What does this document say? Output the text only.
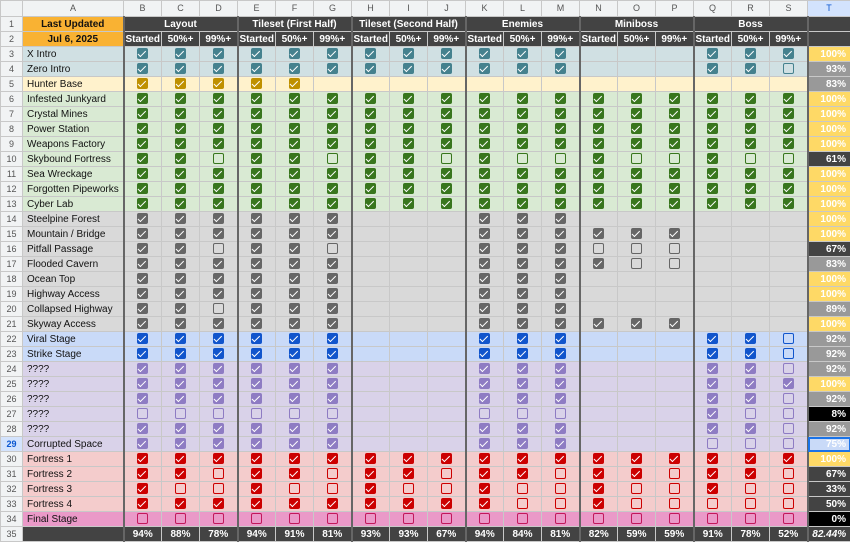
	A	B	C	D	E	F	G	H	I	J	K	L	M	N	O	P	Q	R	S	T
1	Last Updated	Layout			Tileset (First Half)			Tileset (Second Half)			Enemies			Miniboss			Boss			
2	Jul 6, 2025	Started	50%+	99%+	Started	50%+	99%+	Started	50%+	99%+	Started	50%+	99%+	Started	50%+	99%+	Started	50%+	99%+	
3	X Intro																			100%
4	Zero Intro																			93%
5	Hunter Base																			83%
6	Infested Junkyard																			100%
7	Crystal Mines																			100%
8	Power Station																			100%
9	Weapons Factory																			100%
10	Skybound Fortress																			61%
11	Sea Wreckage																			100%
12	Forgotten Pipeworks																			100%
13	Cyber Lab																			100%
14	Steelpine Forest																			100%
15	Mountain / Bridge																			100%
16	Pitfall Passage																			67%
17	Flooded Cavern																			83%
18	Ocean Top																			100%
19	Highway Access																			100%
20	Collapsed Highway																			89%
21	Skyway Access																			100%
22	Viral Stage																			92%
23	Strike Stage																			92%
24	????																			92%
25	????																			100%
26	????																			92%
27	????																			8%
28	????																			92%
29	Corrupted Space																			75%
30	Fortress 1																			100%
31	Fortress 2																			67%
32	Fortress 3																			33%
33	Fortress 4																			50%
34	Final Stage																			0%
35		94%	88%	78%	94%	91%	81%	93%	93%	67%	94%	84%	81%	82%	59%	59%	91%	78%	52%	82.44%
